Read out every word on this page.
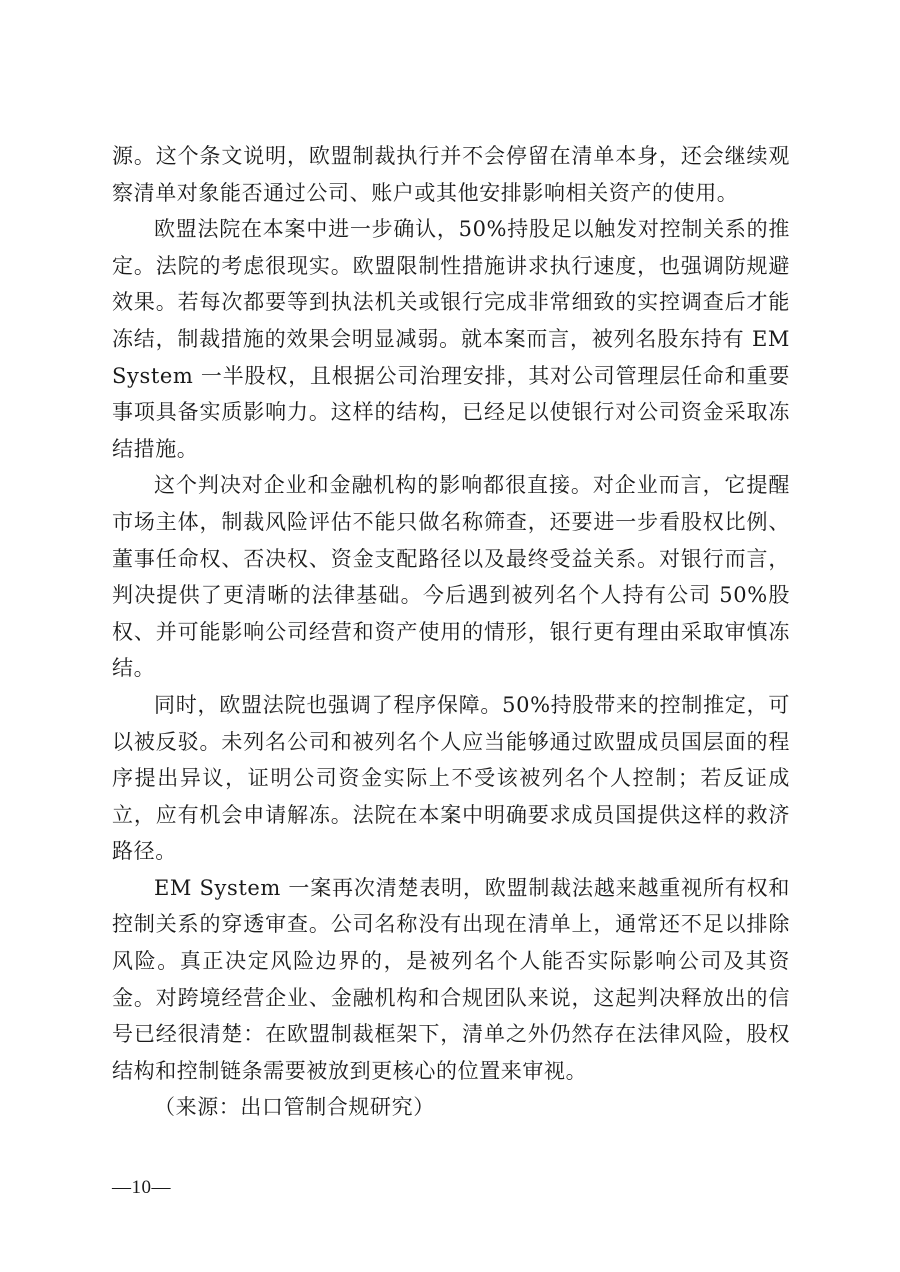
源。这个条文说明，欧盟制裁执行并不会停留在清单本身，还会继续观察清单对象能否通过公司、账户或其他安排影响相关资产的使用。

欧盟法院在本案中进一步确认，50%持股足以触发对控制关系的推定。法院的考虑很现实。欧盟限制性措施讲求执行速度，也强调防规避效果。若每次都要等到执法机关或银行完成非常细致的实控调查后才能冻结，制裁措施的效果会明显减弱。就本案而言，被列名股东持有 EM System 一半股权，且根据公司治理安排，其对公司管理层任命和重要事项具备实质影响力。这样的结构，已经足以使银行对公司资金采取冻结措施。

这个判决对企业和金融机构的影响都很直接。对企业而言，它提醒市场主体，制裁风险评估不能只做名称筛查，还要进一步看股权比例、董事任命权、否决权、资金支配路径以及最终受益关系。对银行而言，判决提供了更清晰的法律基础。今后遇到被列名个人持有公司 50%股权、并可能影响公司经营和资产使用的情形，银行更有理由采取审慎冻结。

同时，欧盟法院也强调了程序保障。50%持股带来的控制推定，可以被反驳。未列名公司和被列名个人应当能够通过欧盟成员国层面的程序提出异议，证明公司资金实际上不受该被列名个人控制；若反证成立，应有机会申请解冻。法院在本案中明确要求成员国提供这样的救济路径。

EM System 一案再次清楚表明，欧盟制裁法越来越重视所有权和控制关系的穿透审查。公司名称没有出现在清单上，通常还不足以排除风险。真正决定风险边界的，是被列名个人能否实际影响公司及其资金。对跨境经营企业、金融机构和合规团队来说，这起判决释放出的信号已经很清楚：在欧盟制裁框架下，清单之外仍然存在法律风险，股权结构和控制链条需要被放到更核心的位置来审视。

（来源：出口管制合规研究）

—10—
